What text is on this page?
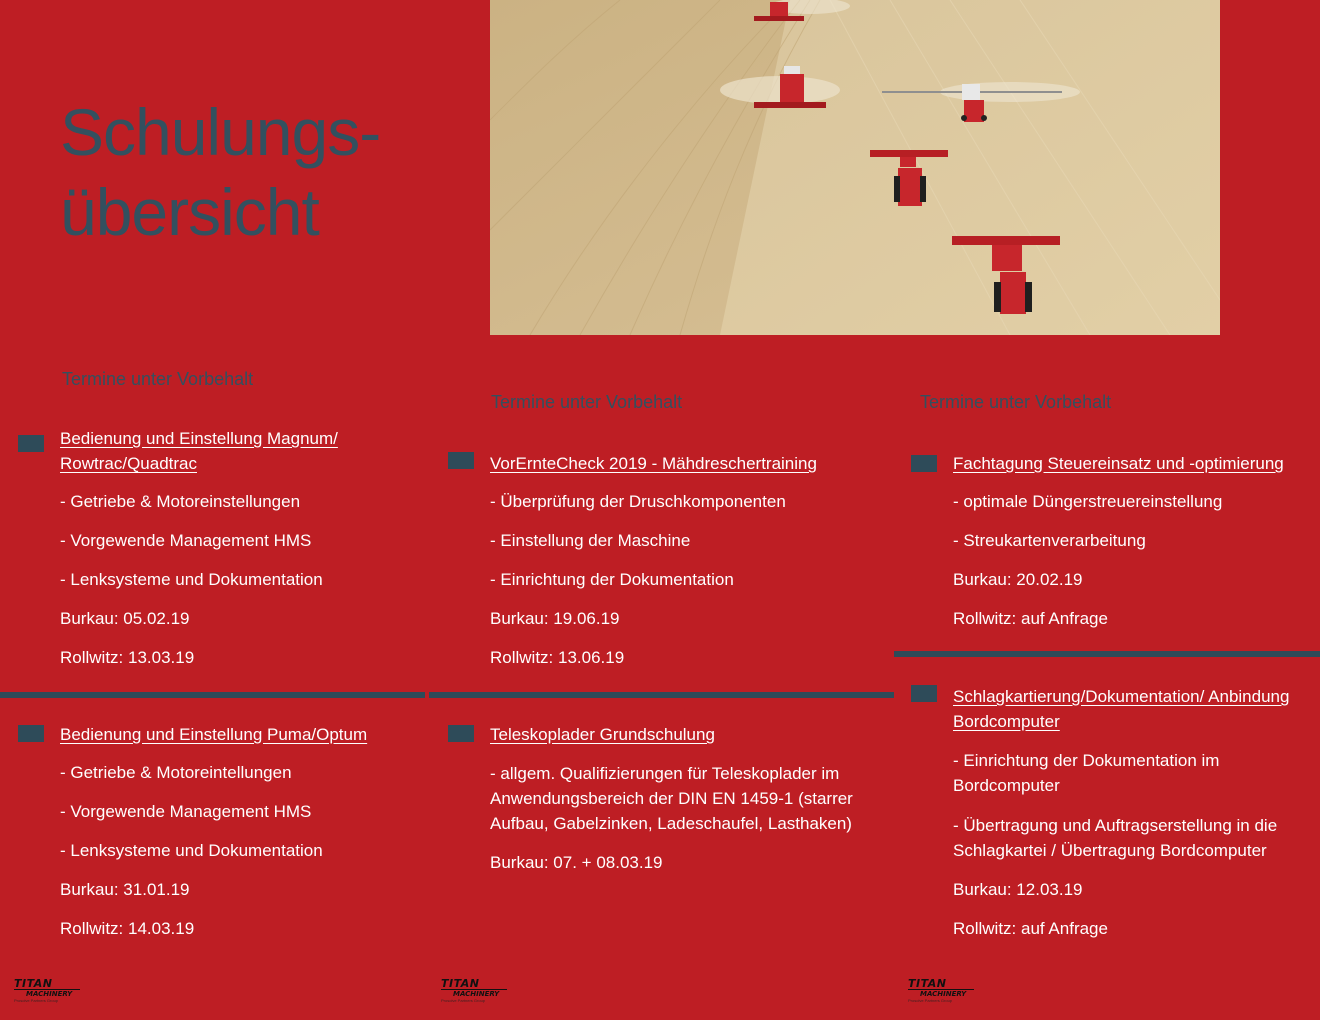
Schulungs-
übersicht
Termine unter Vorbehalt
Termine unter Vorbehalt	Termine unter Vorbehalt
Bedienung und Einstellung Magnum/ Rowtrac/Quadtrac
- Getriebe & Motoreinstellungen
- Vorgewende Management HMS
- Lenksysteme und Dokumentation
Burkau: 05.02.19
Rollwitz: 13.03.19
Bedienung und Einstellung Puma/Optum
- Getriebe & Motoreintellungen
- Vorgewende Management HMS
- Lenksysteme und Dokumentation
Burkau: 31.01.19
Rollwitz: 14.03.19
VorErnteCheck 2019 - Mähdreschertraining
- Überprüfung der Druschkomponenten
- Einstellung der Maschine
- Einrichtung der Dokumentation
Burkau: 19.06.19
Rollwitz: 13.06.19
Teleskoplader Grundschulung
- allgem. Qualifizierungen für Teleskoplader im Anwendungsbereich der DIN EN 1459-1 (starrer Aufbau, Gabelzinken, Ladeschaufel, Lasthaken)
Burkau: 07. + 08.03.19
Fachtagung Steuereinsatz und -optimierung
- optimale Düngerstreuereinstellung
- Streukartenverarbeitung
Burkau: 20.02.19
Rollwitz: auf Anfrage
Schlagkartierung/Dokumentation/ Anbindung Bordcomputer
- Einrichtung der Dokumentation im Bordcomputer
- Übertragung und Auftragserstellung in die Schlagkartei / Übertragung Bordcomputer
Burkau: 12.03.19
Rollwitz: auf Anfrage
TITAN
MACHINERY
Prosolve Partners Group
TITAN
MACHINERY
Prosolve Partners Group
TITAN
MACHINERY
Prosolve Partners Group
